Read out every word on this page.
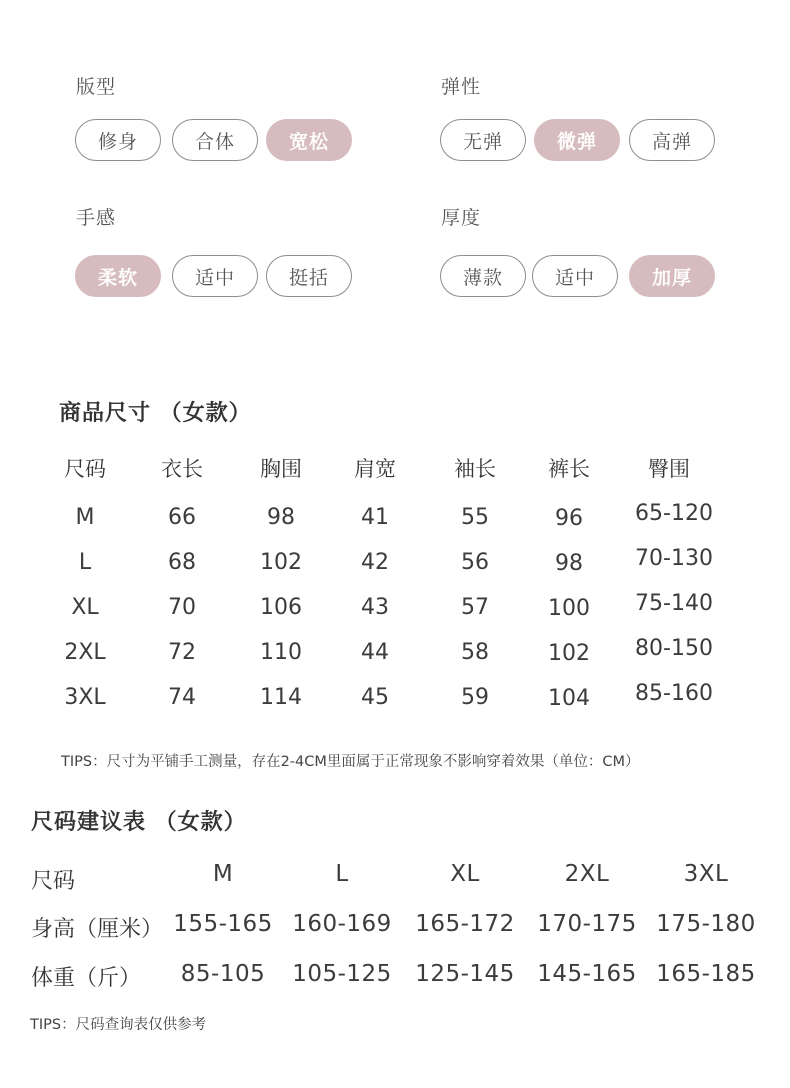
版型
修身	合体	宽松
弹性
无弹	微弹	高弹
手感
柔软	适中	挺括
厚度
薄款	适中	加厚
商品尺寸 （女款）
尺码	衣长	胸围	肩宽	袖长	裤长	臀围
M	66	98	41	55	96	65-120
L	68	102	42	56	98	70-130
XL	70	106	43	57	100	75-140
2XL	72	110	44	58	102	80-150
3XL	74	114	45	59	104	85-160
TIPS：尺寸为平铺手工测量，存在2-4CM里面属于正常现象不影响穿着效果（单位：CM）
尺码建议表 （女款）
尺码	M	L	XL	2XL	3XL
身高（厘米） 155-165 160-169 165-172 170-175 175-180
体重（斤）	85-105	105-125 125-145 145-165 165-185
TIPS：尺码查询表仅供参考
